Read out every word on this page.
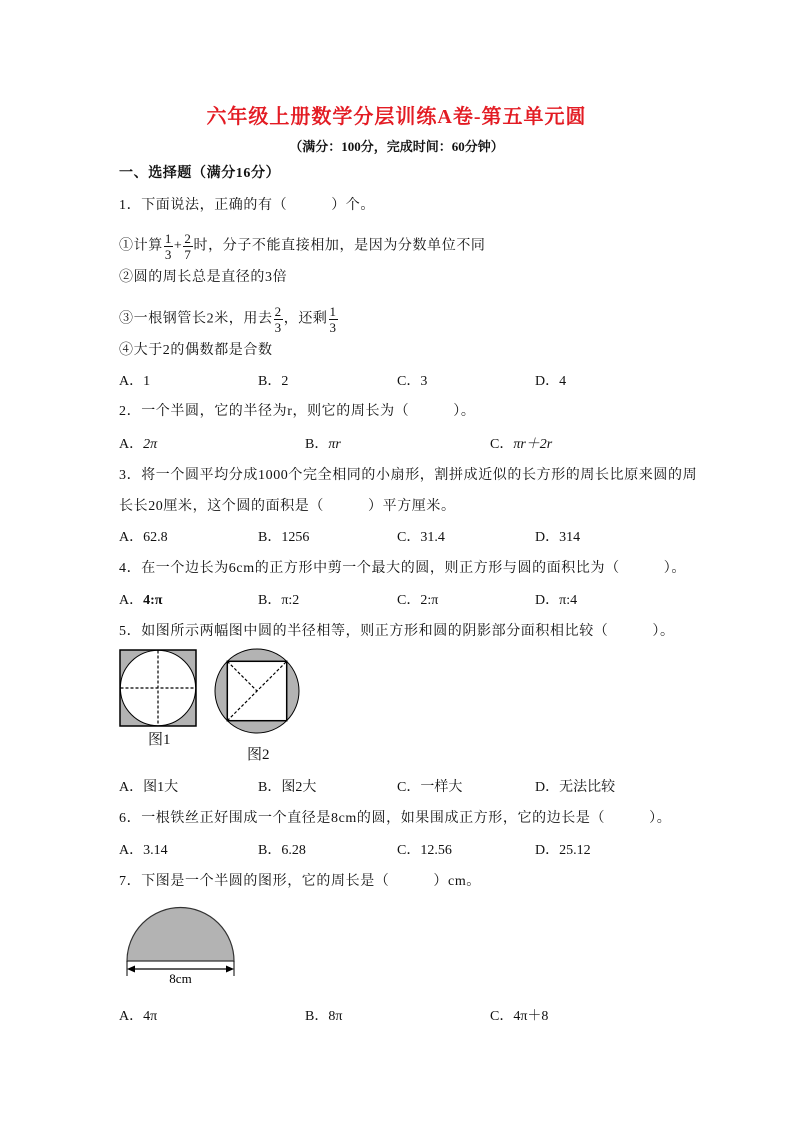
六年级上册数学分层训练A卷-第五单元圆
（满分：100分，完成时间：60分钟）
一、选择题（满分16分）
1．下面说法，正确的有（	）个。
①计算 $\frac{1}{3} + \frac{2}{7}$ 时，分子不能直接相加，是因为分数单位不同
②圆的周长总是直径的3倍
③一根钢管长2米，用去 $\frac{2}{3}$ ，还剩 $\frac{1}{3}$
④大于2的偶数都是合数
A．1	B．2	C．3	D．4
2．一个半圆，它的半径为r，则它的周长为（	）。
A．2π	B．πr	C．πr＋2r
3．将一个圆平均分成1000个完全相同的小扇形，割拼成近似的长方形的周长比原来圆的周
长长20厘米，这个圆的面积是（	）平方厘米。
A．62.8	B．1256	C．31.4	D．314
4．在一个边长为6cm的正方形中剪一个最大的圆，则正方形与圆的面积比为（	）。
A．4:π	B．π:2	C．2:π	D．π:4
5．如图所示两幅图中圆的半径相等，则正方形和圆的阴影部分面积相比较（	）。
图1
图2
A．图1大	B．图2大	C．一样大	D．无法比较
6．一根铁丝正好围成一个直径是8cm的圆，如果围成正方形，它的边长是（	）。
A．3.14	B．6.28	C．12.56	D．25.12
7．下图是一个半圆的图形，它的周长是（	）cm。
8cm
A．4π	B．8π	C．4π＋8
